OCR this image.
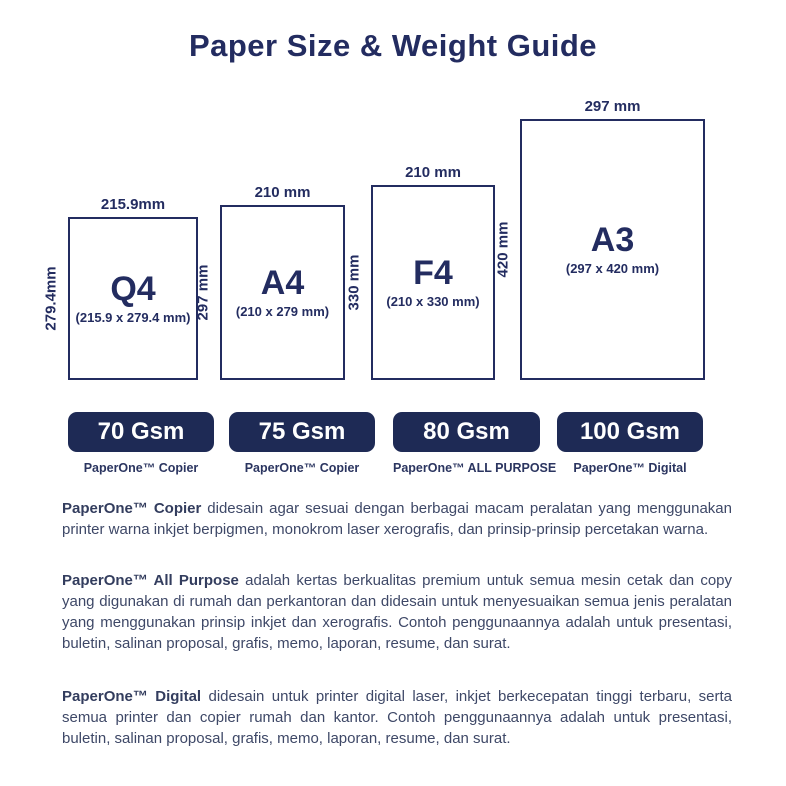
Paper Size & Weight Guide
215.9mm
279.4mm Q4
(215.9 x 279.4 mm)
210 mm
297 mm A4
(210 x 279 mm)
210 mm
330 mm F4
(210 x 330 mm)
297 mm
420 mm A3
(297 x 420 mm)
70 Gsm
PaperOne™ Copier
75 Gsm
PaperOne™ Copier
80 Gsm
PaperOne™ ALL PURPOSE
100 Gsm
PaperOne™ Digital

PaperOne™ Copier didesain agar sesuai dengan berbagai macam peralatan yang menggunakan printer warna inkjet berpigmen, monokrom laser xerografis, dan prinsip-prinsip percetakan warna.

PaperOne™ All Purpose adalah kertas berkualitas premium untuk semua mesin cetak dan copy yang digunakan di rumah dan perkantoran dan didesain untuk menyesuaikan semua jenis peralatan yang menggunakan prinsip inkjet dan xerografis. Contoh penggunaannya adalah untuk presentasi, buletin, salinan proposal, grafis, memo, laporan, resume, dan surat.

PaperOne™ Digital didesain untuk printer digital laser, inkjet berkecepatan tinggi terbaru, serta semua printer dan copier rumah dan kantor. Contoh penggunaannya adalah untuk presentasi, buletin, salinan proposal, grafis, memo, laporan, resume, dan surat.
